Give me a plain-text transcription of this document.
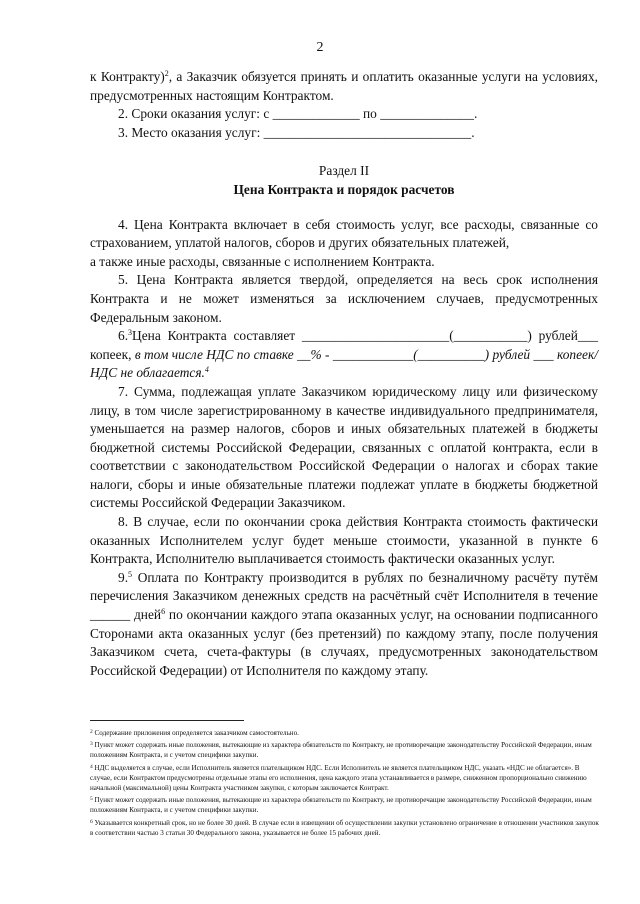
2

к Контракту)$^2$, а Заказчик обязуется принять и оплатить оказанные услуги на условиях, предусмотренных настоящим Контрактом.

2. Сроки оказания услуг: с _____________ по ______________.

3. Место оказания услуг: _______________________________.

Раздел II

Цена Контракта и порядок расчетов

4. Цена Контракта включает в себя стоимость услуг, все расходы, связанные со страхованием, уплатой налогов, сборов и других обязательных платежей,

а также иные расходы, связанные с исполнением Контракта.

5. Цена Контракта является твердой, определяется на весь срок исполнения Контракта и не может изменяться за исключением случаев, предусмотренных Федеральным законом.

6.$^3$Цена Контракта составляет ______________________(___________) рублей___ копеек, в том числе НДС по ставке __% - ____________(__________) рублей ___ копеек/НДС не облагается.$^4$

7. Сумма, подлежащая уплате Заказчиком юридическому лицу или физическому лицу, в том числе зарегистрированному в качестве индивидуального предпринимателя, уменьшается на размер налогов, сборов и иных обязательных платежей в бюджеты бюджетной системы Российской Федерации, связанных с оплатой контракта, если в соответствии с законодательством Российской Федерации о налогах и сборах такие налоги, сборы и иные обязательные платежи подлежат уплате в бюджеты бюджетной системы Российской Федерации Заказчиком.

8. В случае, если по окончании срока действия Контракта стоимость фактически оказанных Исполнителем услуг будет меньше стоимости, указанной в пункте 6 Контракта, Исполнителю выплачивается стоимость фактически оказанных услуг.

9.$^5$ Оплата по Контракту производится в рублях по безналичному расчёту путём перечисления Заказчиком денежных средств на расчётный счёт Исполнителя в течение ______ дней$^6$ по окончании каждого этапа оказанных услуг, на основании подписанного Сторонами акта оказанных услуг (без претензий) по каждому этапу, после получения Заказчиком счета, счета-фактуры (в случаях, предусмотренных законодательством Российской Федерации) от Исполнителя по каждому этапу.

$^2$ Содержание приложения определяется заказчиком самостоятельно.

$^3$ Пункт может содержать иные положения, вытекающие из характера обязательств по Контракту, не противоречащие законодательству Российской Федерации, иным положениям Контракта, и с учетом специфики закупки.

$^4$ НДС выделяется в случае, если Исполнитель является плательщиком НДС. Если Исполнитель не является плательщиком НДС, указать «НДС не облагается». В случае, если Контрактом предусмотрены отдельные этапы его исполнения, цена каждого этапа устанавливается в размере, сниженном пропорционально снижению начальной (максимальной) цены Контракта участником закупки, с которым заключается Контракт.

$^5$ Пункт может содержать иные положения, вытекающие из характера обязательств по Контракту, не противоречащие законодательству Российской Федерации, иным положениям Контракта, и с учетом специфики закупки.

$^6$ Указывается конкретный срок, но не более 30 дней. В случае если в извещении об осуществлении закупки установлено ограничение в отношении участников закупок в соответствии частью 3 статьи 30 Федерального закона, указывается не более 15 рабочих дней.
